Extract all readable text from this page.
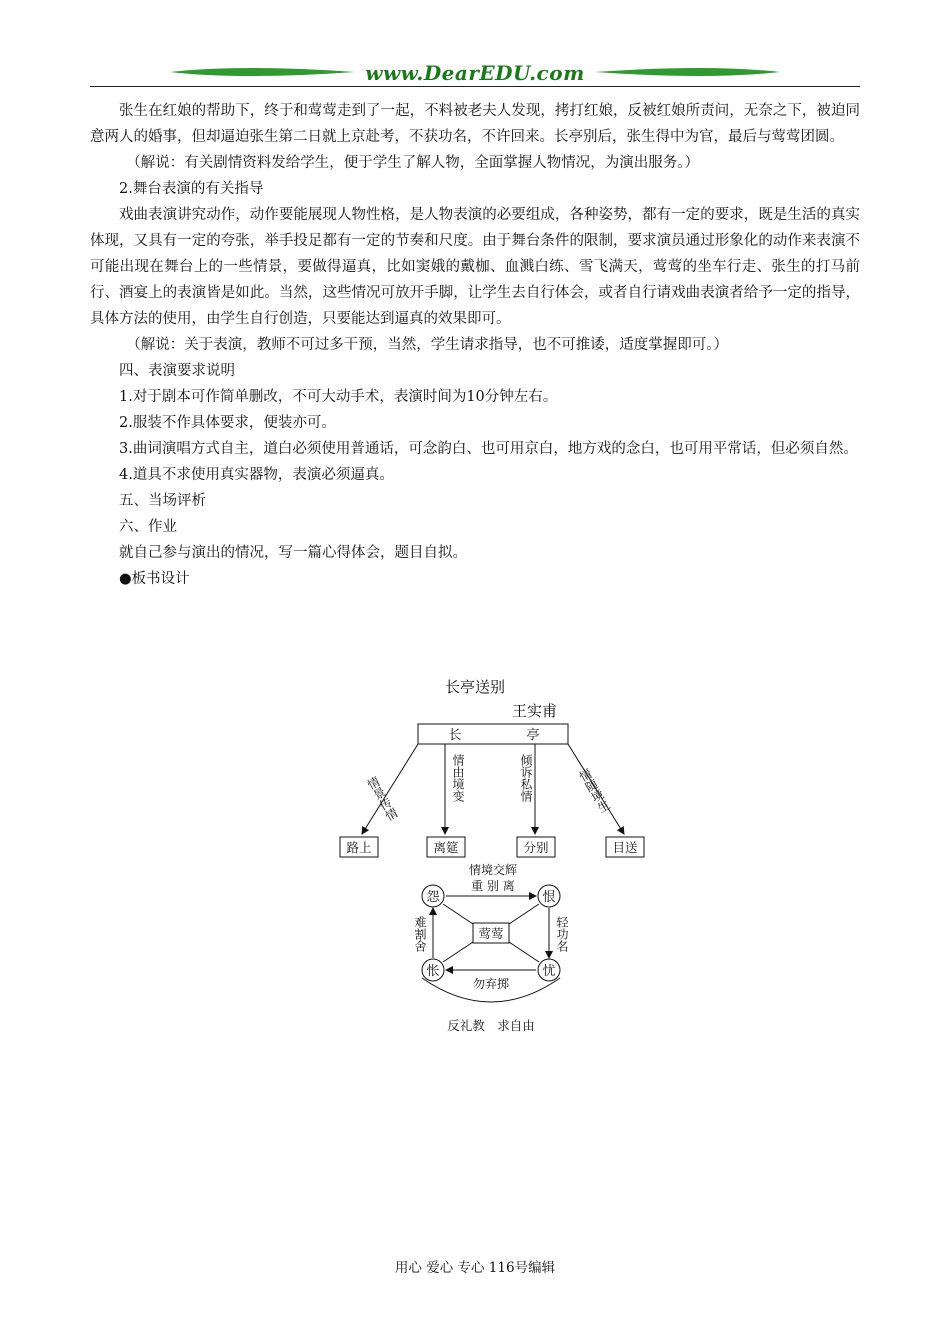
www.DearEDU.com

张生在红娘的帮助下，终于和莺莺走到了一起，不料被老夫人发现，拷打红娘，反被红娘所责问，无奈之下，被迫同意两人的婚事，但却逼迫张生第二日就上京赴考，不获功名，不许回来。长亭别后，张生得中为官，最后与莺莺团圆。

（解说：有关剧情资料发给学生，便于学生了解人物，全面掌握人物情况，为演出服务。）

2.舞台表演的有关指导

戏曲表演讲究动作，动作要能展现人物性格，是人物表演的必要组成，各种姿势，都有一定的要求，既是生活的真实体现，又具有一定的夸张，举手投足都有一定的节奏和尺度。由于舞台条件的限制，要求演员通过形象化的动作来表演不可能出现在舞台上的一些情景，要做得逼真，比如窦娥的戴枷、血溅白练、雪飞满天，莺莺的坐车行走、张生的打马前行、酒宴上的表演皆是如此。当然，这些情况可放开手脚，让学生去自行体会，或者自行请戏曲表演者给予一定的指导，具体方法的使用，由学生自行创造，只要能达到逼真的效果即可。

（解说：关于表演，教师不可过多干预，当然，学生请求指导，也不可推诿，适度掌握即可。）

四、表演要求说明

1.对于剧本可作简单删改，不可大动手术，表演时间为10分钟左右。

2.服装不作具体要求，便装亦可。

3.曲词演唱方式自主，道白必须使用普通话，可念韵白、也可用京白，地方戏的念白，也可用平常话，但必须自然。

4.道具不求使用真实器物，表演必须逼真。

五、当场评析

六、作业

就自己参与演出的情况，写一篇心得体会，题目自拟。

●板书设计

长亭送别
王实甫
长	亭
情景传情	情由境变	倾诉私情	情随境生
路上	离筵	分别	目送
情境交辉
重 别 离
莺莺
怨	恨
忧
怅
轻功名
难割舍
勿弃掷
反礼教　求自由
用心 爱心 专心 116号编辑
